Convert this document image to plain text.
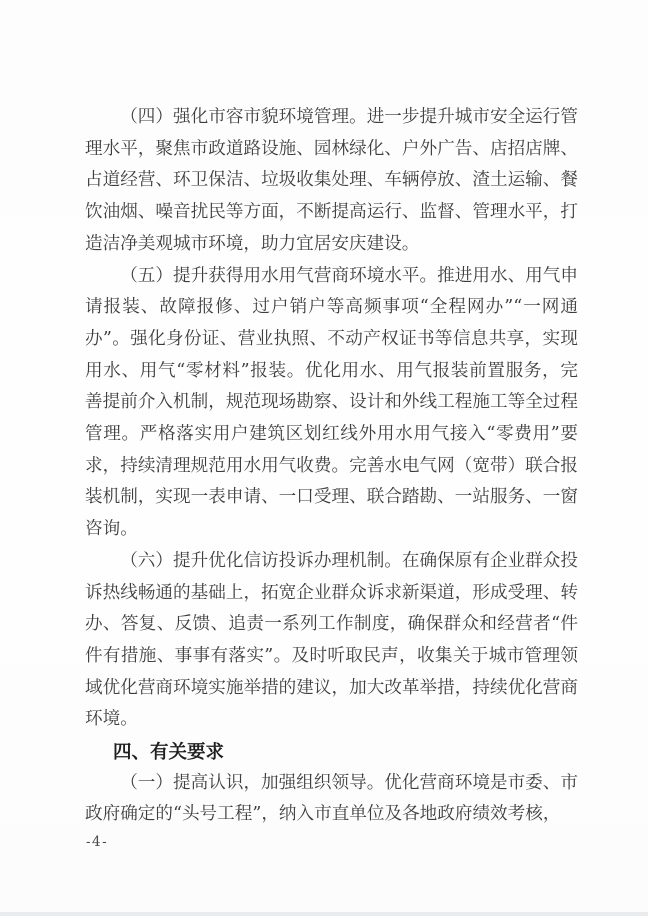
（四）强化市容市貌环境管理。进一步提升城市安全运行管理水平，聚焦市政道路设施、园林绿化、户外广告、店招店牌、占道经营、环卫保洁、垃圾收集处理、车辆停放、渣土运输、餐饮油烟、噪音扰民等方面，不断提高运行、监督、管理水平，打造洁净美观城市环境，助力宜居安庆建设。

（五）提升获得用水用气营商环境水平。推进用水、用气申请报装、故障报修、过户销户等高频事项“全程网办”“一网通办”。强化身份证、营业执照、不动产权证书等信息共享，实现用水、用气“零材料”报装。优化用水、用气报装前置服务，完善提前介入机制，规范现场勘察、设计和外线工程施工等全过程管理。严格落实用户建筑区划红线外用水用气接入“零费用”要求，持续清理规范用水用气收费。完善水电气网（宽带）联合报装机制，实现一表申请、一口受理、联合踏勘、一站服务、一窗咨询。

（六）提升优化信访投诉办理机制。在确保原有企业群众投诉热线畅通的基础上，拓宽企业群众诉求新渠道，形成受理、转办、答复、反馈、追责一系列工作制度，确保群众和经营者“件件有措施、事事有落实”。及时听取民声，收集关于城市管理领域优化营商环境实施举措的建议，加大改革举措，持续优化营商环境。

四、有关要求

（一）提高认识，加强组织领导。优化营商环境是市委、市政府确定的“头号工程”，纳入市直单位及各地政府绩效考核，

-4-
